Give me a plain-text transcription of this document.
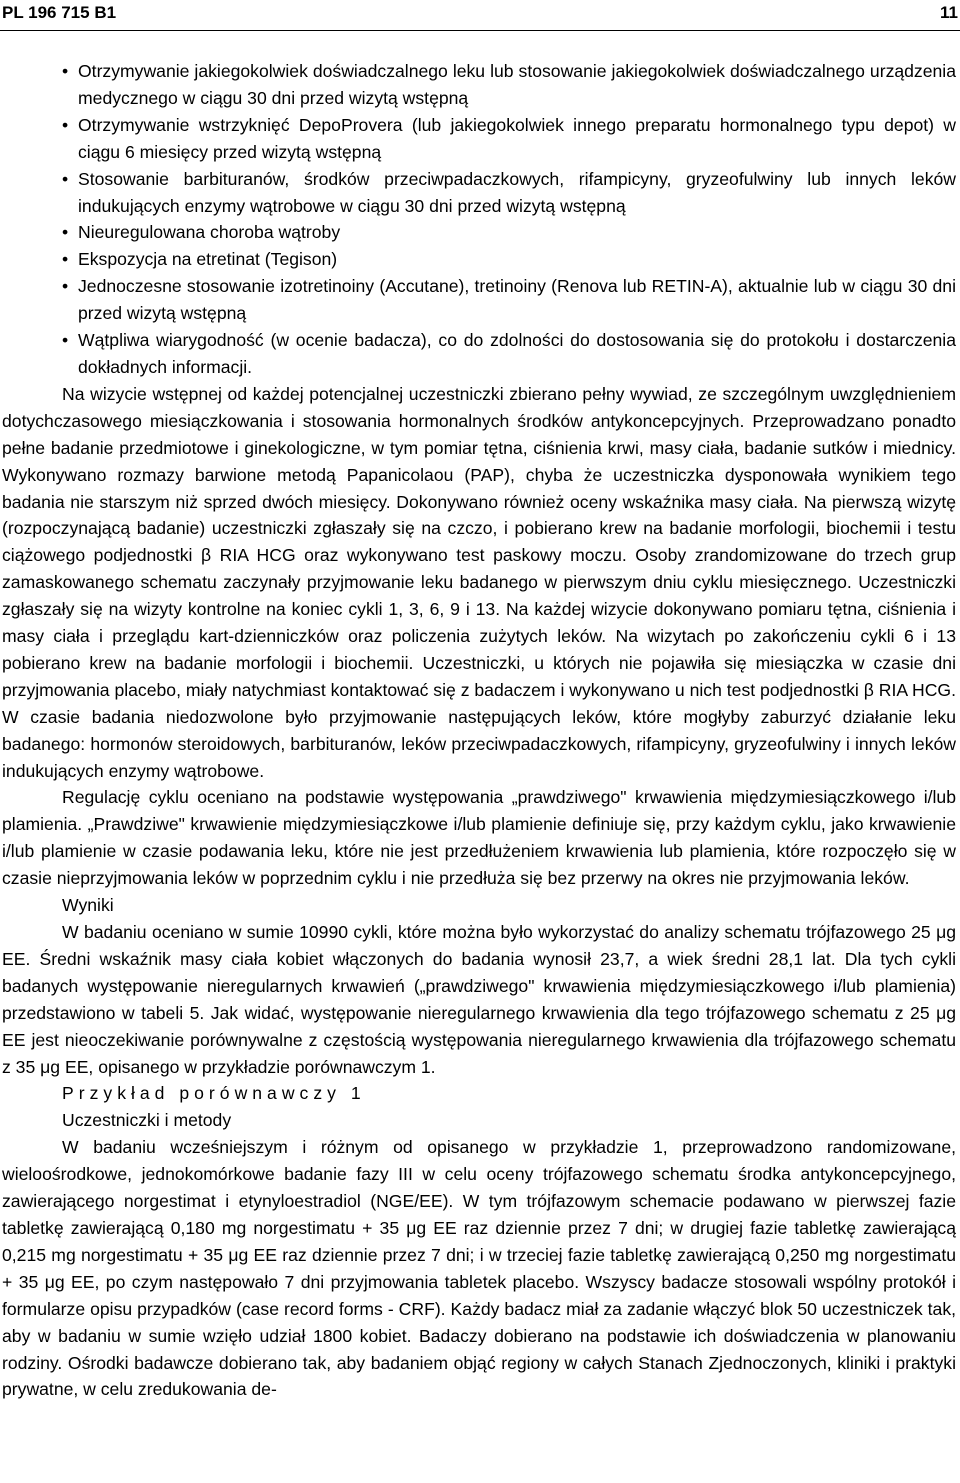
PL 196 715 B1	11
• Otrzymywanie jakiegokolwiek doświadczalnego leku lub stosowanie jakiegokolwiek doświadczalnego urządzenia medycznego w ciągu 30 dni przed wizytą wstępną
• Otrzymywanie wstrzyknięć DepoProvera (lub jakiegokolwiek innego preparatu hormonalnego typu depot) w ciągu 6 miesięcy przed wizytą wstępną
• Stosowanie barbituranów, środków przeciwpadaczkowych, rifampicyny, gryzeofulwiny lub innych leków indukujących enzymy wątrobowe w ciągu 30 dni przed wizytą wstępną
• Nieuregulowana choroba wątroby
• Ekspozycja na etretinat (Tegison)
• Jednoczesne stosowanie izotretinoiny (Accutane), tretinoiny (Renova lub RETIN-A), aktualnie lub w ciągu 30 dni przed wizytą wstępną
• Wątpliwa wiarygodność (w ocenie badacza), co do zdolności do dostosowania się do protokołu i dostarczenia dokładnych informacji.

Na wizycie wstępnej od każdej potencjalnej uczestniczki zbierano pełny wywiad, ze szczególnym uwzględnieniem dotychczasowego miesiączkowania i stosowania hormonalnych środków antykoncepcyjnych. Przeprowadzano ponadto pełne badanie przedmiotowe i ginekologiczne, w tym pomiar tętna, ciśnienia krwi, masy ciała, badanie sutków i miednicy. Wykonywano rozmazy barwione metodą Papanicolaou (PAP), chyba że uczestniczka dysponowała wynikiem tego badania nie starszym niż sprzed dwóch miesięcy. Dokonywano również oceny wskaźnika masy ciała. Na pierwszą wizytę (rozpoczynającą badanie) uczestniczki zgłaszały się na czczo, i pobierano krew na badanie morfologii, biochemii i testu ciążowego podjednostki β RIA HCG oraz wykonywano test paskowy moczu. Osoby zrandomizowane do trzech grup zamaskowanego schematu zaczynały przyjmowanie leku badanego w pierwszym dniu cyklu miesięcznego. Uczestniczki zgłaszały się na wizyty kontrolne na koniec cykli 1, 3, 6, 9 i 13. Na każdej wizycie dokonywano pomiaru tętna, ciśnienia i masy ciała i przeglądu kart-dzienniczków oraz policzenia zużytych leków. Na wizytach po zakończeniu cykli 6 i 13 pobierano krew na badanie morfologii i biochemii. Uczestniczki, u których nie pojawiła się miesiączka w czasie dni przyjmowania placebo, miały natychmiast kontaktować się z badaczem i wykonywano u nich test podjednostki β RIA HCG. W czasie badania niedozwolone było przyjmowanie następujących leków, które mogłyby zaburzyć działanie leku badanego: hormonów steroidowych, barbituranów, leków przeciwpadaczkowych, rifampicyny, gryzeofulwiny i innych leków indukujących enzymy wątrobowe.

Regulację cyklu oceniano na podstawie występowania „prawdziwego" krwawienia międzymiesiączkowego i/lub plamienia. „Prawdziwe" krwawienie międzymiesiączkowe i/lub plamienie definiuje się, przy każdym cyklu, jako krwawienie i/lub plamienie w czasie podawania leku, które nie jest przedłużeniem krwawienia lub plamienia, które rozpoczęło się w czasie nieprzyjmowania leków w poprzednim cyklu i nie przedłuża się bez przerwy na okres nie przyjmowania leków.

Wyniki

W badaniu oceniano w sumie 10990 cykli, które można było wykorzystać do analizy schematu trójfazowego 25 μg EE. Średni wskaźnik masy ciała kobiet włączonych do badania wynosił 23,7, a wiek średni 28,1 lat. Dla tych cykli badanych występowanie nieregularnych krwawień („prawdziwego" krwawienia międzymiesiączkowego i/lub plamienia) przedstawiono w tabeli 5. Jak widać, występowanie nieregularnego krwawienia dla tego trójfazowego schematu z 25 μg EE jest nieoczekiwanie porównywalne z częstością występowania nieregularnego krwawienia dla trójfazowego schematu z 35 μg EE, opisanego w przykładzie porównawczym 1.

Przykład porównawczy 1

Uczestniczki i metody

W badaniu wcześniejszym i różnym od opisanego w przykładzie 1, przeprowadzono randomizowane, wieloośrodkowe, jednokomórkowe badanie fazy III w celu oceny trójfazowego schematu środka antykoncepcyjnego, zawierającego norgestimat i etynyloestradiol (NGE/EE). W tym trójfazowym schemacie podawano w pierwszej fazie tabletkę zawierającą 0,180 mg norgestimatu + 35 μg EE raz dziennie przez 7 dni; w drugiej fazie tabletkę zawierającą 0,215 mg norgestimatu + 35 μg EE raz dziennie przez 7 dni; i w trzeciej fazie tabletkę zawierającą 0,250 mg norgestimatu + 35 μg EE, po czym następowało 7 dni przyjmowania tabletek placebo. Wszyscy badacze stosowali wspólny protokół i formularze opisu przypadków (case record forms - CRF). Każdy badacz miał za zadanie włączyć blok 50 uczestniczek tak, aby w badaniu w sumie wzięło udział 1800 kobiet. Badaczy dobierano na podstawie ich doświadczenia w planowaniu rodziny. Ośrodki badawcze dobierano tak, aby badaniem objąć regiony w całych Stanach Zjednoczonych, kliniki i praktyki prywatne, w celu zredukowania de-
